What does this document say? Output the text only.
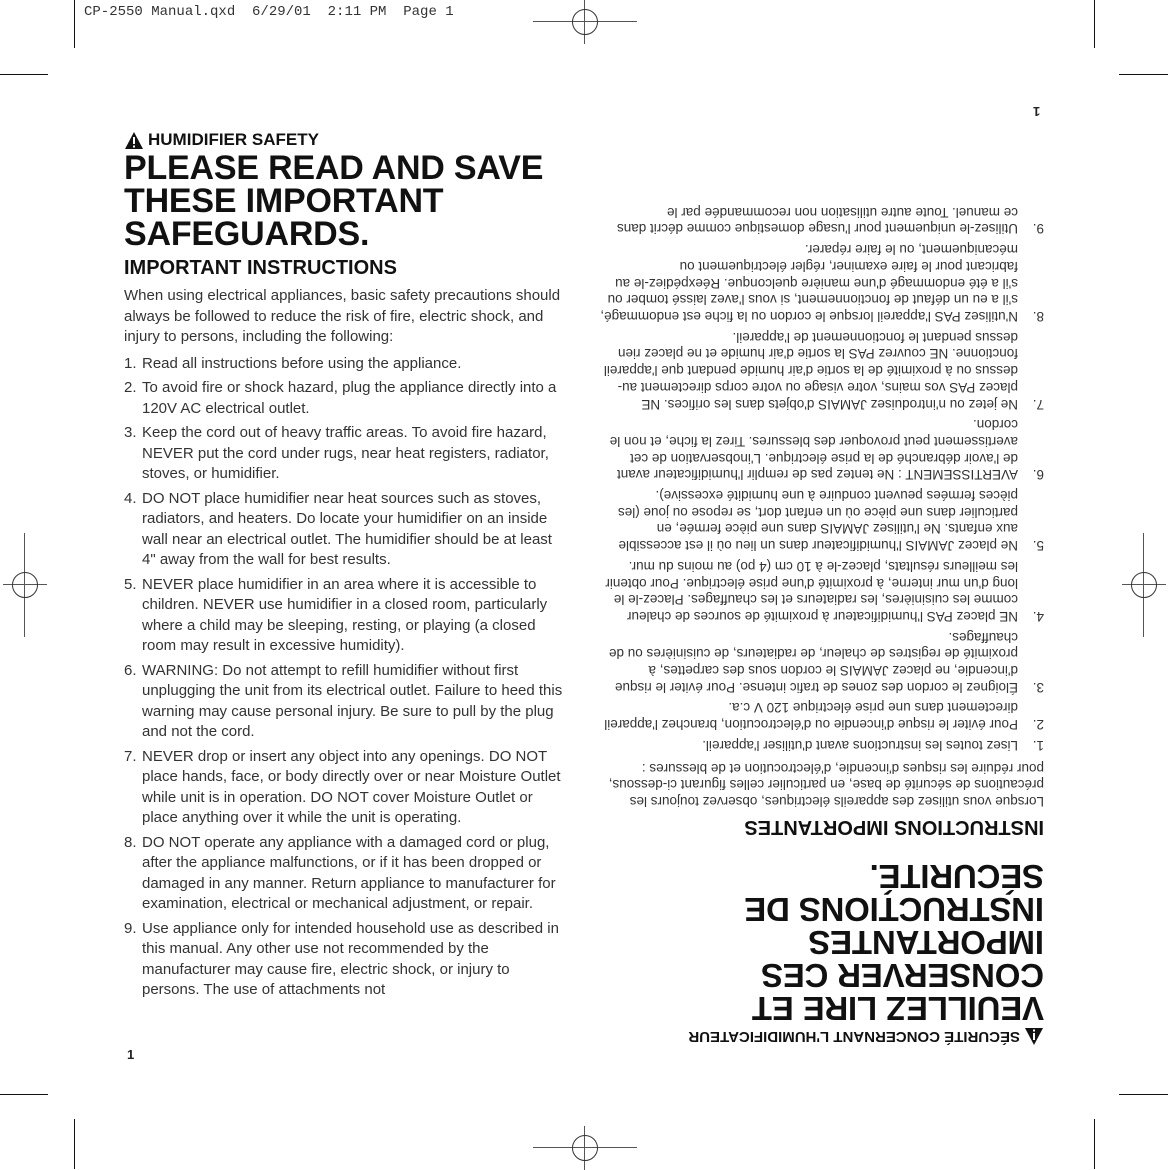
CP-2550 Manual.qxd  6/29/01  2:11 PM  Page 1
HUMIDIFIER SAFETY
PLEASE READ AND SAVE
THESE IMPORTANT
SAFEGUARDS.
IMPORTANT INSTRUCTIONS

When using electrical appliances, basic safety precautions should always be followed to reduce the risk of fire, electric shock, and injury to persons, including the following:

1. Read all instructions before using the appliance.
2. To avoid fire or shock hazard, plug the appliance directly into a 120V AC electrical outlet.
3. Keep the cord out of heavy traffic areas. To avoid fire hazard, NEVER put the cord under rugs, near heat registers, radiator, stoves, or humidifier.
4. DO NOT place humidifier near heat sources such as stoves, radiators, and heaters. Do locate your humidifier on an inside wall near an electrical outlet. The humidifier should be at least 4" away from the wall for best results.
5. NEVER place humidifier in an area where it is accessible to children. NEVER use humidifier in a closed room, particularly where a child may be sleeping, resting, or playing (a closed room may result in excessive humidity).
6. WARNING: Do not attempt to refill humidifier without first unplugging the unit from its electrical outlet. Failure to heed this warning may cause personal injury. Be sure to pull by the plug and not the cord.
7. NEVER drop or insert any object into any openings. DO NOT place hands, face, or body directly over or near Moisture Outlet while unit is in operation. DO NOT cover Moisture Outlet or place anything over it while the unit is operating.
8. DO NOT operate any appliance with a damaged cord or plug, after the appliance malfunctions, or if it has been dropped or damaged in any manner. Return appliance to manufacturer for examination, electrical or mechanical adjustment, or repair.
9. Use appliance only for intended household use as described in this manual. Any other use not recommended by the manufacturer may cause fire, electric shock, or injury to persons. The use of attachments not
1
SÉCURITÉ CONCERNANT L'HUMIDIFICATEUR
VEUILLEZ LIRE ET
CONSERVER CES
IMPORTANTES
INSTRUCTIONS DE
SÉCURITÉ.
INSTRUCTIONS IMPORTANTES

Lorsque vous utilisez des appareils électriques, observez toujours les précautions de sécurité de base, en particulier celles figurant ci-dessous, pour réduire les risques d'incendie, d'électrocution et de blessures :

1.
Lisez toutes les instructions avant d'utiliser l'appareil.
2.
Pour éviter le risque d'incendie ou d'électrocution, branchez l'appareil directement dans une prise électrique 120 V c.a.
3.
Éloignez le cordon des zones de trafic intense. Pour éviter le risque d'incendie, ne placez JAMAIS le cordon sous des carpettes, à proximité de registres de chaleur, de radiateurs, de cuisinières ou de chauffages.
4.
NE placez PAS l'humidificateur à proximité de sources de chaleur comme les cuisinières, les radiateurs et les chauffages. Placez-le le long d'un mur interne, à proximité d'une prise électrique. Pour obtenir les meilleurs résultats, placez-le à 10 cm (4 po) au moins du mur.
5.
Ne placez JAMAIS l'humidificateur dans un lieu où il est accessible aux enfants. Ne l'utilisez JAMAIS dans une pièce fermée, en particulier dans une pièce où un enfant dort, se repose ou joue (les pièces fermées peuvent conduire à une humidité excessive).
6.
AVERTISSEMENT : Ne tentez pas de remplir l'humidificateur avant de l'avoir débranché de la prise électrique. L'inobservation de cet avertissement peut provoquer des blessures. Tirez la fiche, et non le cordon.
7.
Ne jetez ou n'introduisez JAMAIS d'objets dans les orifices. NE placez PAS vos mains, votre visage ou votre corps directement au-dessus ou à proximité de la sortie d'air humide pendant que l'appareil fonctionne. NE couvrez PAS la sortie d'air humide et ne placez rien dessus pendant le fonctionnement de l'appareil.
8.
N'utilisez PAS l'appareil lorsque le cordon ou la fiche est endommagé, s'il a eu un défaut de fonctionnement, si vous l'avez laissé tomber ou s'il a été endommagé d'une manière quelconque. Réexpédiez-le au fabricant pour le faire examiner, régler électriquement ou mécaniquement, ou le faire réparer.
9.
Utilisez-le uniquement pour l'usage domestique comme décrit dans ce manuel. Toute autre utilisation non recommandée par le
1
